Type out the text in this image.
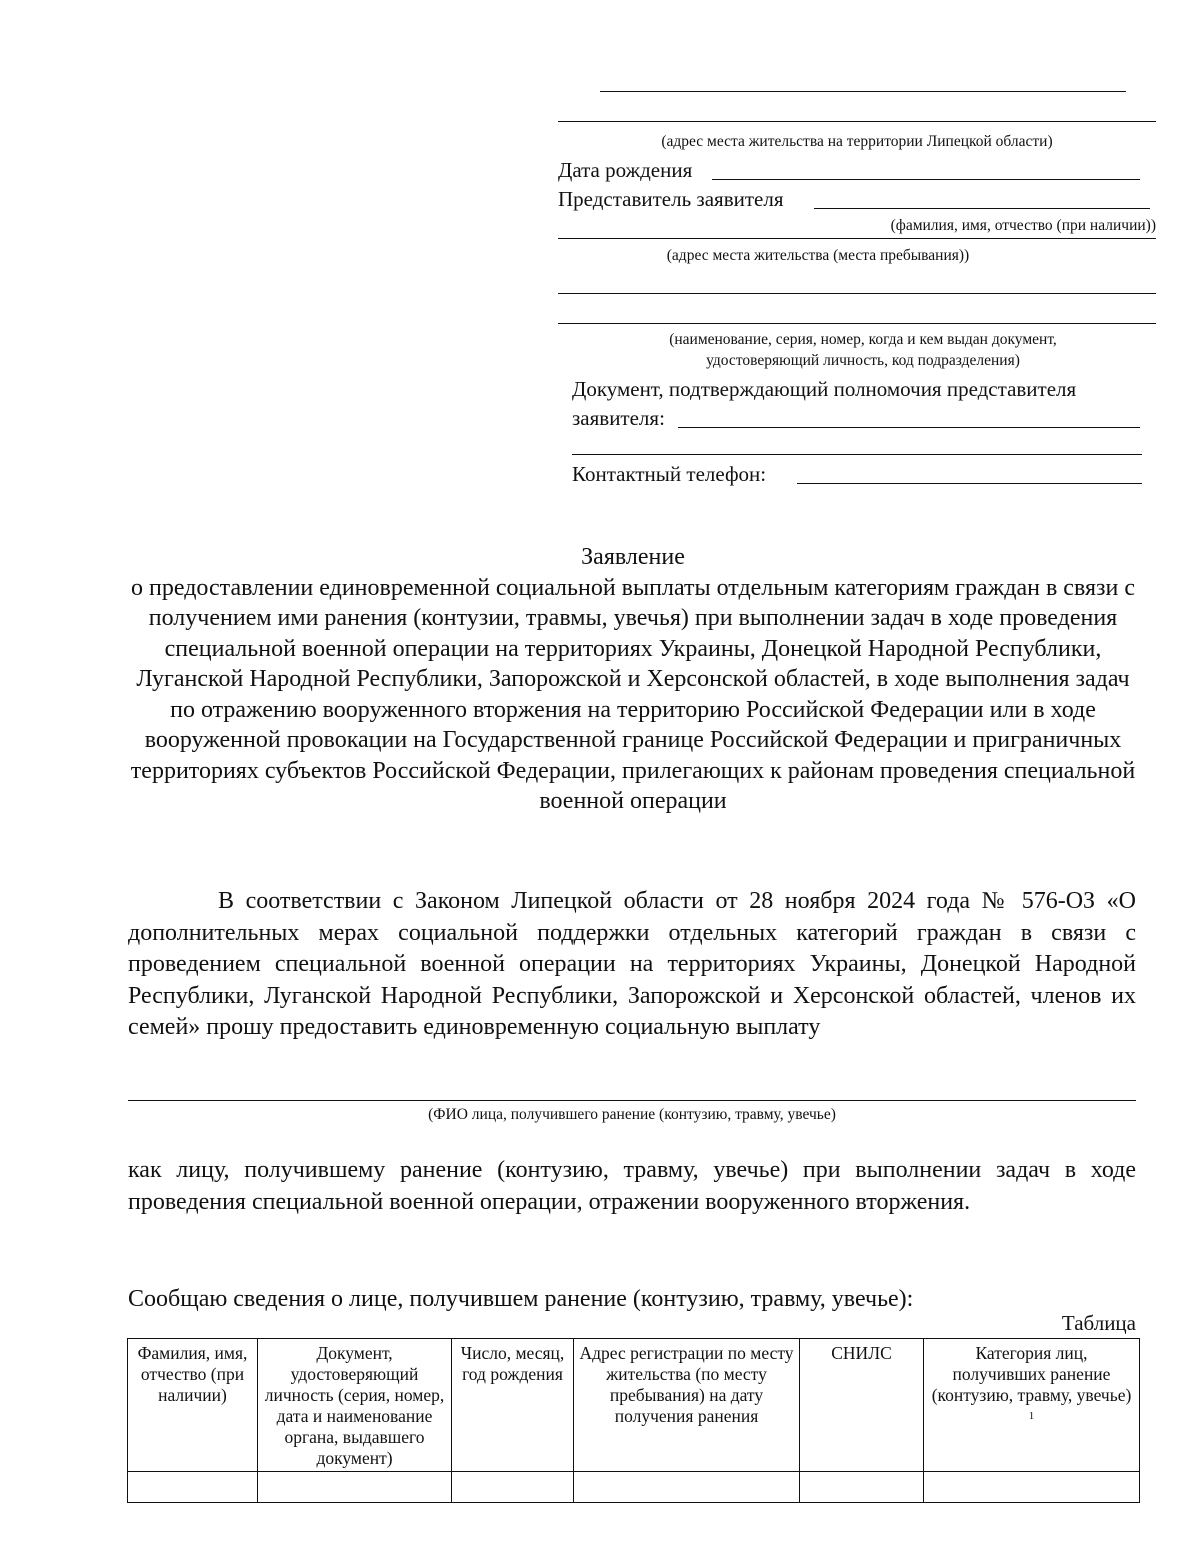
(адрес места жительства на территории Липецкой области)
Дата рождения
Представитель заявителя
(фамилия, имя, отчество (при наличии))
(адрес места жительства (места пребывания))
(наименование, серия, номер, когда и кем выдан документ,
удостоверяющий личность, код подразделения)
Документ, подтверждающий полномочия представителя
заявителя:
Контактный телефон:
Заявление
о предоставлении единовременной социальной выплаты отдельным категориям граждан в связи с получением ими ранения (контузии, травмы, увечья) при выполнении задач в ходе проведения специальной военной операции на территориях Украины, Донецкой Народной Республики, Луганской Народной Республики, Запорожской и Херсонской областей, в ходе выполнения задач по отражению вооруженного вторжения на территорию Российской Федерации или в ходе вооруженной провокации на Государственной границе Российской Федерации и приграничных территориях субъектов Российской Федерации, прилегающих к районам проведения специальной военной операции
В соответствии с Законом Липецкой области от 28 ноября 2024 года № 576-ОЗ «О дополнительных мерах социальной поддержки отдельных категорий граждан в связи с проведением специальной военной операции на территориях Украины, Донецкой Народной Республики, Луганской Народной Республики, Запорожской и Херсонской областей, членов их семей» прошу предоставить единовременную социальную выплату
(ФИО лица, получившего ранение (контузию, травму, увечье)
как лицу, получившему ранение (контузию, травму, увечье) при выполнении задач в ходе проведения специальной военной операции, отражении вооруженного вторжения.
Сообщаю сведения о лице, получившем ранение (контузию, травму, увечье):
Таблица
Фамилия, имя, отчество (при наличии)	Документ, удостоверяющий личность (серия, номер, дата и наименование органа, выдавшего документ)	Число, месяц, год рождения	Адрес регистрации по месту жительства (по месту пребывания) на дату получения ранения	СНИЛС	Категория лиц, получивших ранение (контузию, травму, увечье) $^1$
